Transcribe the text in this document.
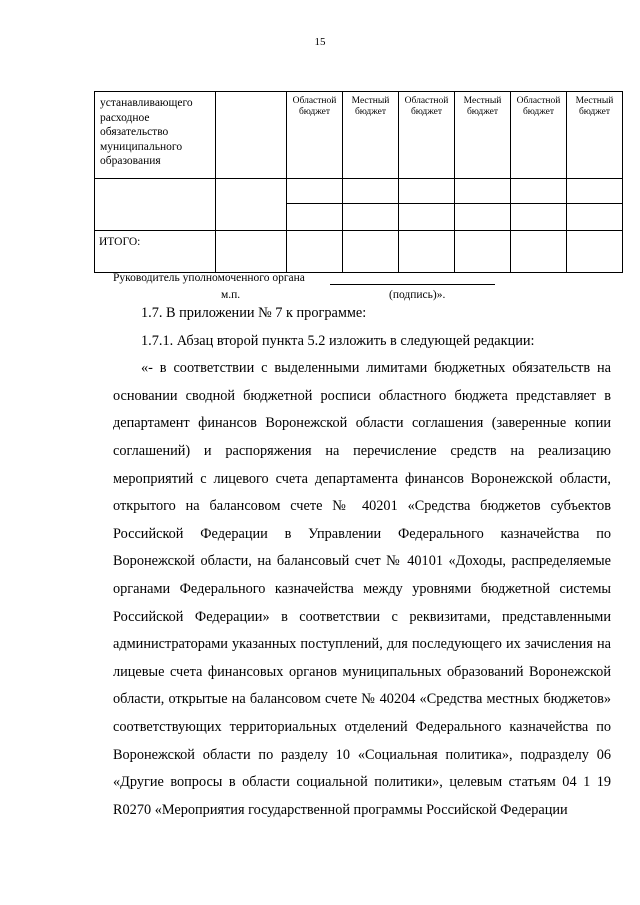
15
устанавливающего расходное обязательство муниципального образования		Областной бюджет	Местный бюджет	Областной бюджет	Местный бюджет	Областной бюджет	Местный бюджет

ИТОГО:							
Руководитель уполномоченного органа
м.п.	(подпись)».

1.7. В приложении № 7 к программе:

1.7.1. Абзац второй пункта 5.2 изложить в следующей редакции:

«- в соответствии с выделенными лимитами бюджетных обязательств на основании сводной бюджетной росписи областного бюджета представляет в департамент финансов Воронежской области соглашения (заверенные копии соглашений) и распоряжения на перечисление средств на реализацию мероприятий с лицевого счета департамента финансов Воронежской области, открытого на балансовом счете № 40201 «Средства бюджетов субъектов Российской Федерации в Управлении Федерального казначейства по Воронежской области, на балансовый счет № 40101 «Доходы, распределяемые органами Федерального казначейства между уровнями бюджетной системы Российской Федерации» в соответствии с реквизитами, представленными администраторами указанных поступлений, для последующего их зачисления на лицевые счета финансовых органов муниципальных образований Воронежской области, открытые на балансовом счете № 40204 «Средства местных бюджетов» соответствующих территориальных отделений Федерального казначейства по Воронежской области по разделу 10 «Социальная политика», подразделу 06 «Другие вопросы в области социальной политики», целевым статьям 04 1 19 R0270 «Мероприятия государственной программы Российской Федерации
